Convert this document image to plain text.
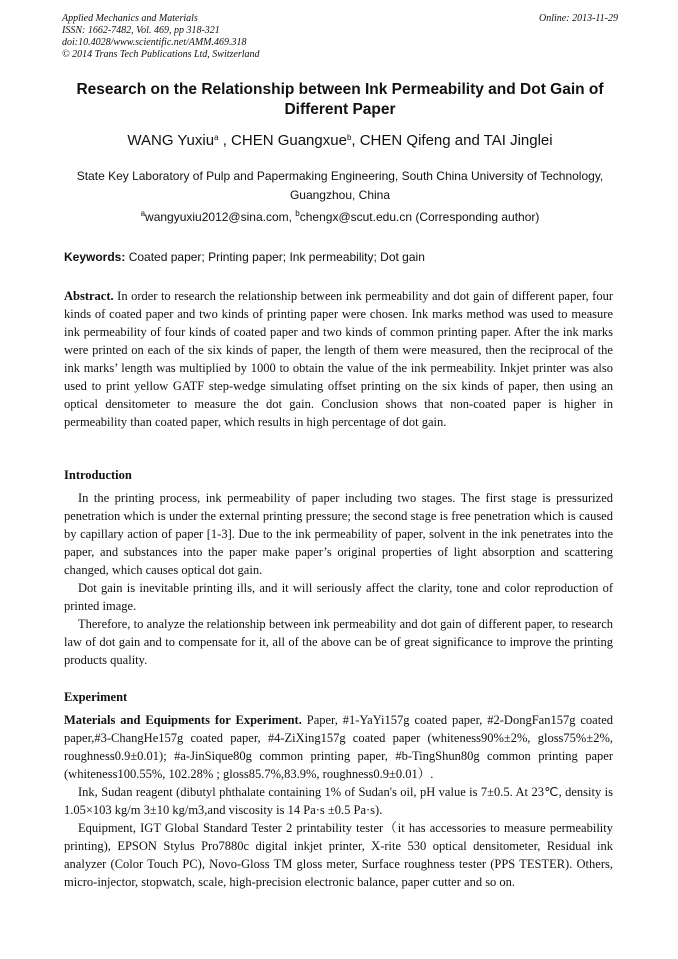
Applied Mechanics and Materials
ISSN: 1662-7482, Vol. 469, pp 318-321
doi:10.4028/www.scientific.net/AMM.469.318
© 2014 Trans Tech Publications Ltd, Switzerland
Online: 2013-11-29
Research on the Relationship between Ink Permeability and Dot Gain of Different Paper
WANG Yuxiu$^a$ , CHEN Guangxue$^b$, CHEN Qifeng and TAI Jinglei
State Key Laboratory of Pulp and Papermaking Engineering, South China University of Technology, Guangzhou, China
$^a$wangyuxiu2012@sina.com, $^b$chengx@scut.edu.cn (Corresponding author)
Keywords: Coated paper; Printing paper; Ink permeability; Dot gain

Abstract. In order to research the relationship between ink permeability and dot gain of different paper, four kinds of coated paper and two kinds of printing paper were chosen. Ink marks method was used to measure ink permeability of four kinds of coated paper and two kinds of common printing paper. After the ink marks were printed on each of the six kinds of paper, the length of them were measured, then the reciprocal of the ink marks’ length was multiplied by 1000 to obtain the value of the ink permeability. Inkjet printer was also used to print yellow GATF step-wedge simulating offset printing on the six kinds of paper, then using an optical densitometer to measure the dot gain. Conclusion shows that non-coated paper is higher in permeability than coated paper, which results in high percentage of dot gain.

Introduction

In the printing process, ink permeability of paper including two stages. The first stage is pressurized penetration which is under the external printing pressure; the second stage is free penetration which is caused by capillary action of paper [1-3]. Due to the ink permeability of paper, solvent in the ink penetrates into the paper, and substances into the paper make paper’s original properties of light absorption and scattering changed, which causes optical dot gain.

Dot gain is inevitable printing ills, and it will seriously affect the clarity, tone and color reproduction of printed image.

Therefore, to analyze the relationship between ink permeability and dot gain of different paper, to research law of dot gain and to compensate for it, all of the above can be of great significance to improve the printing products quality.

Experiment

Materials and Equipments for Experiment. Paper, #1-YaYi157g coated paper, #2-DongFan157g coated paper,#3-ChangHe157g coated paper, #4-ZiXing157g coated paper (whiteness90%±2%, gloss75%±2%, roughness0.9±0.01); #a-JinSique80g common printing paper, #b-TingShun80g common printing paper (whiteness100.55%, 102.28% ; gloss85.7%,83.9%, roughness0.9±0.01）.

Ink, Sudan reagent (dibutyl phthalate containing 1% of Sudan's oil, pH value is 7±0.5. At 23℃, density is 1.05×103 kg/m 3±10 kg/m3,and viscosity is 14 Pa·s ±0.5 Pa·s).

Equipment, IGT Global Standard Tester 2 printability tester（it has accessories to measure permeability printing), EPSON Stylus Pro7880c digital inkjet printer, X-rite 530 optical densitometer, Residual ink analyzer (Color Touch PC), Novo-Gloss TM gloss meter, Surface roughness tester (PPS TESTER). Others, micro-injector, stopwatch, scale, high-precision electronic balance, paper cutter and so on.
